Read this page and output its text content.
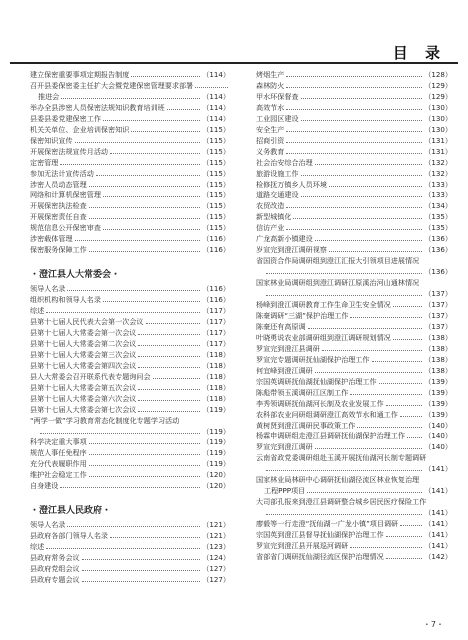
目 录
建立保密重要事项定期报告制度	（114）
召开县委保密委主任扩大会暨党建保密管理要求部署
推进会	（114）
举办全县涉密人员保密法规知识教育培训班	（114）
县委县委党建保密工作	（114）
机关关单位、企业培训保密知识	（115）
保密知识宣传	（115）
开展保密法规宣传月活动	（115）
定密管理	（115）
参加无法计宣传活动	（115）
涉密人员动态管理	（115）
网络和计算机保密管理	（115）
开展保密执法检查	（115）
开展保密责任自查	（115）
规范信息公开保密审查	（115）
涉密载体管理	（116）
保密服务保障工作	（116）
・澄江县人大常委会・
领导人名录	（116）
组织机构和领导人名录	（116）
综述	（117）
县第十七届人民代表大会第一次会议	（117）
县第十七届人大常委会第一次会议	（117）
县第十七届人大常委会第二次会议	（117）
县第十七届人大常委会第三次会议	（118）
县第十七届人大常委会第四次会议	（118）
县人大常委会召开联系代表专题询问会	（118）
县第十七届人大常委会第五次会议	（118）
县第十七届人大常委会第六次会议	（118）
县第十七届人大常委会第七次会议	（119）
“两学一做”学习教育常态化制度化专题学习活动
（119）
科学决定重大事项	（119）
规范人事任免程序	（119）
充分代表履职作用	（119）
维护社会稳定工作	（120）
自身建设	（120）
・澄江县人民政府・
领导人名录	（121）
县政府各部门领导人名录	（121）
综述	（123）
县政府常务会议	（124）
县政府党组会议	（127）
县政府专题会议	（127）
烤烟生产	（128）
森林防火	（129）
甲水环保督查	（129）
高效节水	（130）
工业园区建设	（130）
安全生产	（130）
招商引资	（131）
义务教育	（131）
社会治安综合治理	（132）
旅游设施工作	（132）
检修抚万镇乡人员环境	（133）
道路交通建设	（133）
农贸改造	（134）
新型城镇化	（135）
信访产业	（135）
广龙高新小镇建设	（136）
岁宣完到澄江调研视察	（136）
省国资合作局调研组到澄江汇报大引领项目进展情况
（136）
国家林业局调研组到澄江调研江原溪治河山通林情况
（137）
杨峰到澄江调研教育工作生命卫生安全情况	（137）
陈豪调研“三湖”保护治理工作	（137）
陈豪还有高原调	（137）
叶晓勇说农业部调研组到澄江调研规划情况	（138）
罗宣完到澄江县调研	（138）
罗宣完专题调研抚仙湖保护治理工作	（138）
何宜峰到澄江调研	（138）
宗国英调研抚仙湖抚仙湖保护治理工作	（139）
陈彪带领玉溪调研江区制工作	（139）
李秀领调研抚仙湖河长制及农业发展工作	（139）
农科部农业问研组调研澄江高效节水和通工作	（139）
黄树贤到澄江调研民事政策工作	（140）
杨霖申调研组走澄江县调研抚仙湖保护治理工作	（140）
罗宣完到澄江调研	（140）
云南省政党委调研组赴玉溪开展抚仙湖河长制专题调研
（141）
国家林业局林研中心调研抚仙湖径流区林业恢复治理
工程PPP项目	（141）
大司部孔报来到澄江县调研整合城乡居民医疗保险工作
（141）
廖毅等一行走澄“抚仙湖一广龙小镇”项目调研	（141）
宗国英到澄江县督导抚仙湖保护治理工作	（141）
罗宣完到澄江县开展巡河调研	（141）
省部省门调研抚仙湖径流区保护治理情况	（142）
・7・
